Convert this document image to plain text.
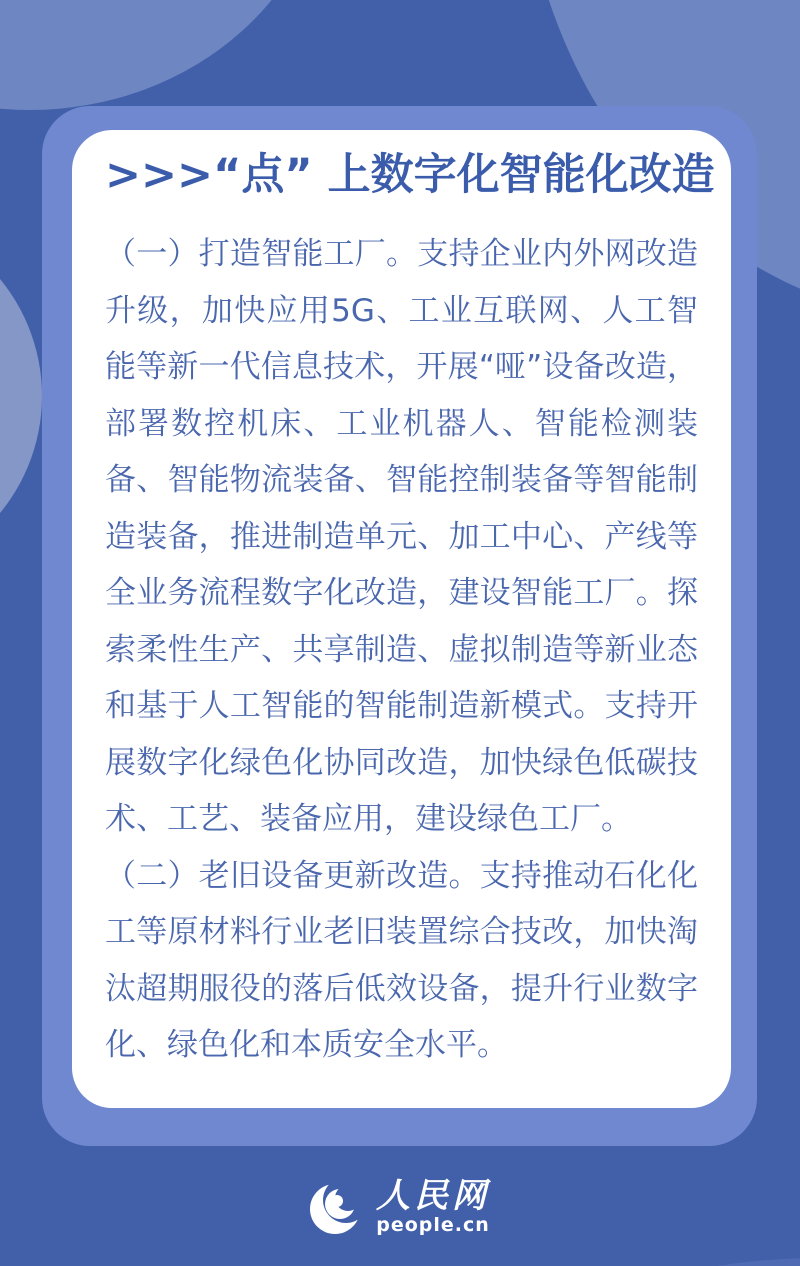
>>>“点” 上数字化智能化改造

（一）打造智能工厂。支持企业内外网改造升级，加快应用5G、工业互联网、人工智能等新一代信息技术，开展“哑”设备改造，部署数控机床、工业机器人、智能检测装备、智能物流装备、智能控制装备等智能制造装备，推进制造单元、加工中心、产线等全业务流程数字化改造，建设智能工厂。探索柔性生产、共享制造、虚拟制造等新业态和基于人工智能的智能制造新模式。支持开展数字化绿色化协同改造，加快绿色低碳技术、工艺、装备应用，建设绿色工厂。

（二）老旧设备更新改造。支持推动石化化工等原材料行业老旧装置综合技改，加快淘汰超期服役的落后低效设备，提升行业数字化、绿色化和本质安全水平。

人民网
people.cn
